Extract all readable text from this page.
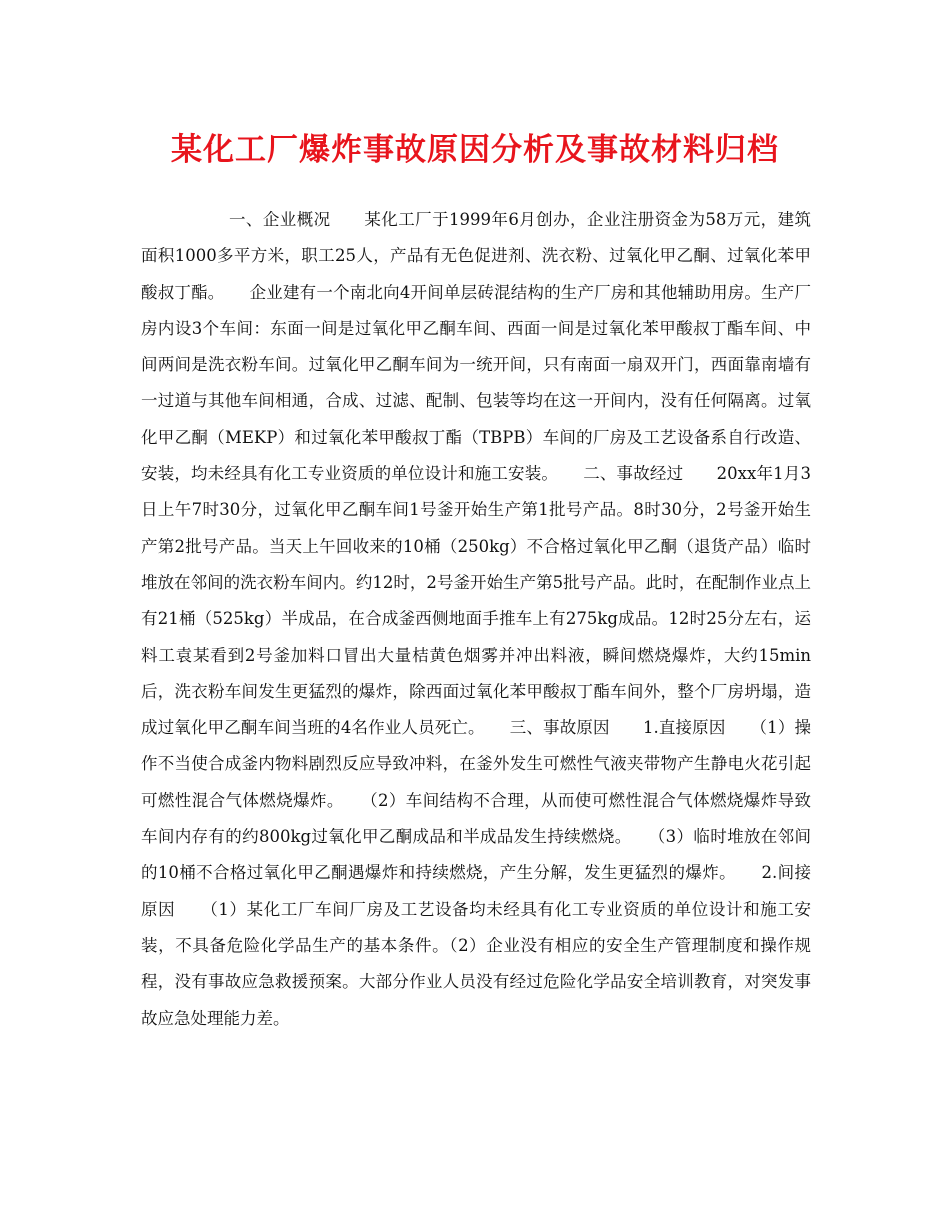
某化工厂爆炸事故原因分析及事故材料归档

一、企业概况　　某化工厂于1999年6月创办，企业注册资金为58万元，建筑面积1000多平方米，职工25人，产品有无色促进剂、洗衣粉、过氧化甲乙酮、过氧化苯甲酸叔丁酯。　　企业建有一个南北向4开间单层砖混结构的生产厂房和其他辅助用房。生产厂房内设3个车间：东面一间是过氧化甲乙酮车间、西面一间是过氧化苯甲酸叔丁酯车间、中间两间是洗衣粉车间。过氧化甲乙酮车间为一统开间，只有南面一扇双开门，西面靠南墙有一过道与其他车间相通，合成、过滤、配制、包装等均在这一开间内，没有任何隔离。过氧化甲乙酮（MEKP）和过氧化苯甲酸叔丁酯（TBPB）车间的厂房及工艺设备系自行改造、安装，均未经具有化工专业资质的单位设计和施工安装。　　二、事故经过　　20xx年1月3日上午7时30分，过氧化甲乙酮车间1号釜开始生产第1批号产品。8时30分，2号釜开始生产第2批号产品。当天上午回收来的10桶（250kg）不合格过氧化甲乙酮（退货产品）临时堆放在邻间的洗衣粉车间内。约12时，2号釜开始生产第5批号产品。此时，在配制作业点上有21桶（525kg）半成品，在合成釜西侧地面手推车上有275kg成品。12时25分左右，运料工袁某看到2号釜加料口冒出大量桔黄色烟雾并冲出料液，瞬间燃烧爆炸，大约15min后，洗衣粉车间发生更猛烈的爆炸，除西面过氧化苯甲酸叔丁酯车间外，整个厂房坍塌，造成过氧化甲乙酮车间当班的4名作业人员死亡。　　三、事故原因　　1.直接原因　　（1）操作不当使合成釜内物料剧烈反应导致冲料，在釜外发生可燃性气液夹带物产生静电火花引起可燃性混合气体燃烧爆炸。　　（2）车间结构不合理，从而使可燃性混合气体燃烧爆炸导致车间内存有的约800kg过氧化甲乙酮成品和半成品发生持续燃烧。　　（3）临时堆放在邻间的10桶不合格过氧化甲乙酮遇爆炸和持续燃烧，产生分解，发生更猛烈的爆炸。　　2.间接原因　　（1）某化工厂车间厂房及工艺设备均未经具有化工专业资质的单位设计和施工安装，不具备危险化学品生产的基本条件。（2）企业没有相应的安全生产管理制度和操作规程，没有事故应急救援预案。大部分作业人员没有经过危险化学品安全培训教育，对突发事故应急处理能力差。
